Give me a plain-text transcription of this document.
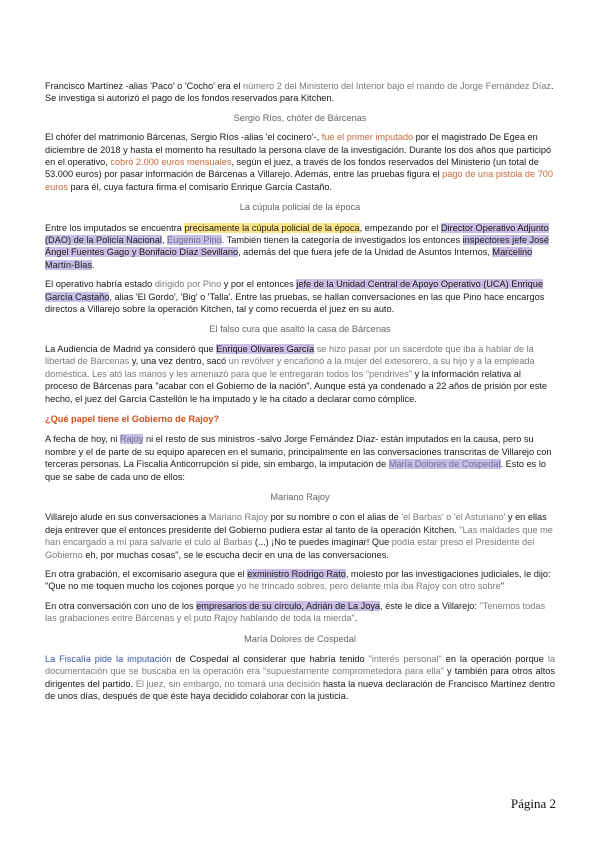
Francisco Martínez -alias 'Paco' o 'Cocho' era el número 2 del Ministerio del Interior bajo el mando de Jorge Fernández Díaz. Se investiga si autorizó el pago de los fondos reservados para Kitchen.

Sergio Ríos, chófer de Bárcenas

El chófer del matrimonio Bárcenas, Sergio Ríos -alias 'el cocinero'-, fue el primer imputado por el magistrado De Egea en diciembre de 2018 y hasta el momento ha resultado la persona clave de la investigación. Durante los dos años que participó en el operativo, cobró 2.000 euros mensuales, según el juez, a través de los fondos reservados del Ministerio (un total de 53.000 euros) por pasar información de Bárcenas a Villarejo. Además, entre las pruebas figura el pago de una pistola de 700 euros para él, cuya factura firma el comisario Enrique García Castaño.

La cúpula policial de la época

Entre los imputados se encuentra precisamente la cúpula policial de la época, empezando por el Director Operativo Adjunto (DAO) de la Policía Nacional, Eugenio Pino. También tienen la categoría de investigados los entonces inspectores jefe José Ángel Fuentes Gago y Bonifacio Díaz Sevillano, además del que fuera jefe de la Unidad de Asuntos Internos, Marcelino Martín-Blas.

El operativo habría estado dirigido por Pino y por el entonces jefe de la Unidad Central de Apoyo Operativo (UCA) Enrique García Castaño, alias 'El Gordo', 'Big' o 'Talla'. Entre las pruebas, se hallan conversaciones en las que Pino hace encargos directos a Villarejo sobre la operación Kitchen, tal y como recuerda el juez en su auto.

El falso cura que asaltó la casa de Bárcenas

La Audiencia de Madrid ya consideró que Enrique Olivares García se hizo pasar por un sacerdote que iba a hablar de la libertad de Bárcenas y, una vez dentro, sacó un revólver y encañonó a la mujer del extesorero, a su hijo y a la empleada doméstica. Les ató las manos y les amenazó para que le entregaran todos los "pendrives" y la información relativa al proceso de Bárcenas para "acabar con el Gobierno de la nación". Aunque está ya condenado a 22 años de prisión por este hecho, el juez del García Castellón le ha imputado y le ha citado a declarar como cómplice.

¿Qué papel tiene el Gobierno de Rajoy?

A fecha de hoy, ni Rajoy ni el resto de sus ministros -salvo Jorge Fernández Díaz- están imputados en la causa, pero su nombre y el de parte de su equipo aparecen en el sumario, principalmente en las conversaciones transcritas de Villarejo con terceras personas. La Fiscalía Anticorrupción sí pide, sin embargo, la imputación de María Dolores de Cospedal. Esto es lo que se sabe de cada uno de ellos:

Mariano Rajoy

Villarejo alude en sus conversaciones a Mariano Rajoy por su nombre o con el alias de 'el Barbas' o 'el Asturiano' y en ellas deja entrever que el entonces presidente del Gobierno pudiera estar al tanto de la operación Kitchen. "Las maldades que me han encargado a mí para salvarle el culo al Barbas (...) ¡No te puedes imaginar! Que podía estar preso el Presidente del Gobierno eh, por muchas cosas", se le escucha decir en una de las conversaciones.

En otra grabación, el excomisario asegura que el exministro Rodrigo Rato, molesto por las investigaciones judiciales, le dijo: "Que no me toquen mucho los cojones porque yo he trincado sobres, pero delante mía iba Rajoy con otro sobre"

En otra conversación con uno de los empresarios de su círculo, Adrián de La Joya, éste le dice a Villarejo: "Tenemos todas las grabaciones entre Bárcenas y el puto Rajoy hablando de toda la mierda".

María Dolores de Cospedal

La Fiscalía pide la imputación de Cospedal al considerar que habría tenido "interés personal" en la operación porque la documentación que se buscaba en la operación era "supuestamente comprometedora para ella" y también para otros altos dirigentes del partido. El juez, sin embargo, no tomará una decisión hasta la nueva declaración de Francisco Martínez dentro de unos días, después de que éste haya decidido colaborar con la justicia.

Página 2
